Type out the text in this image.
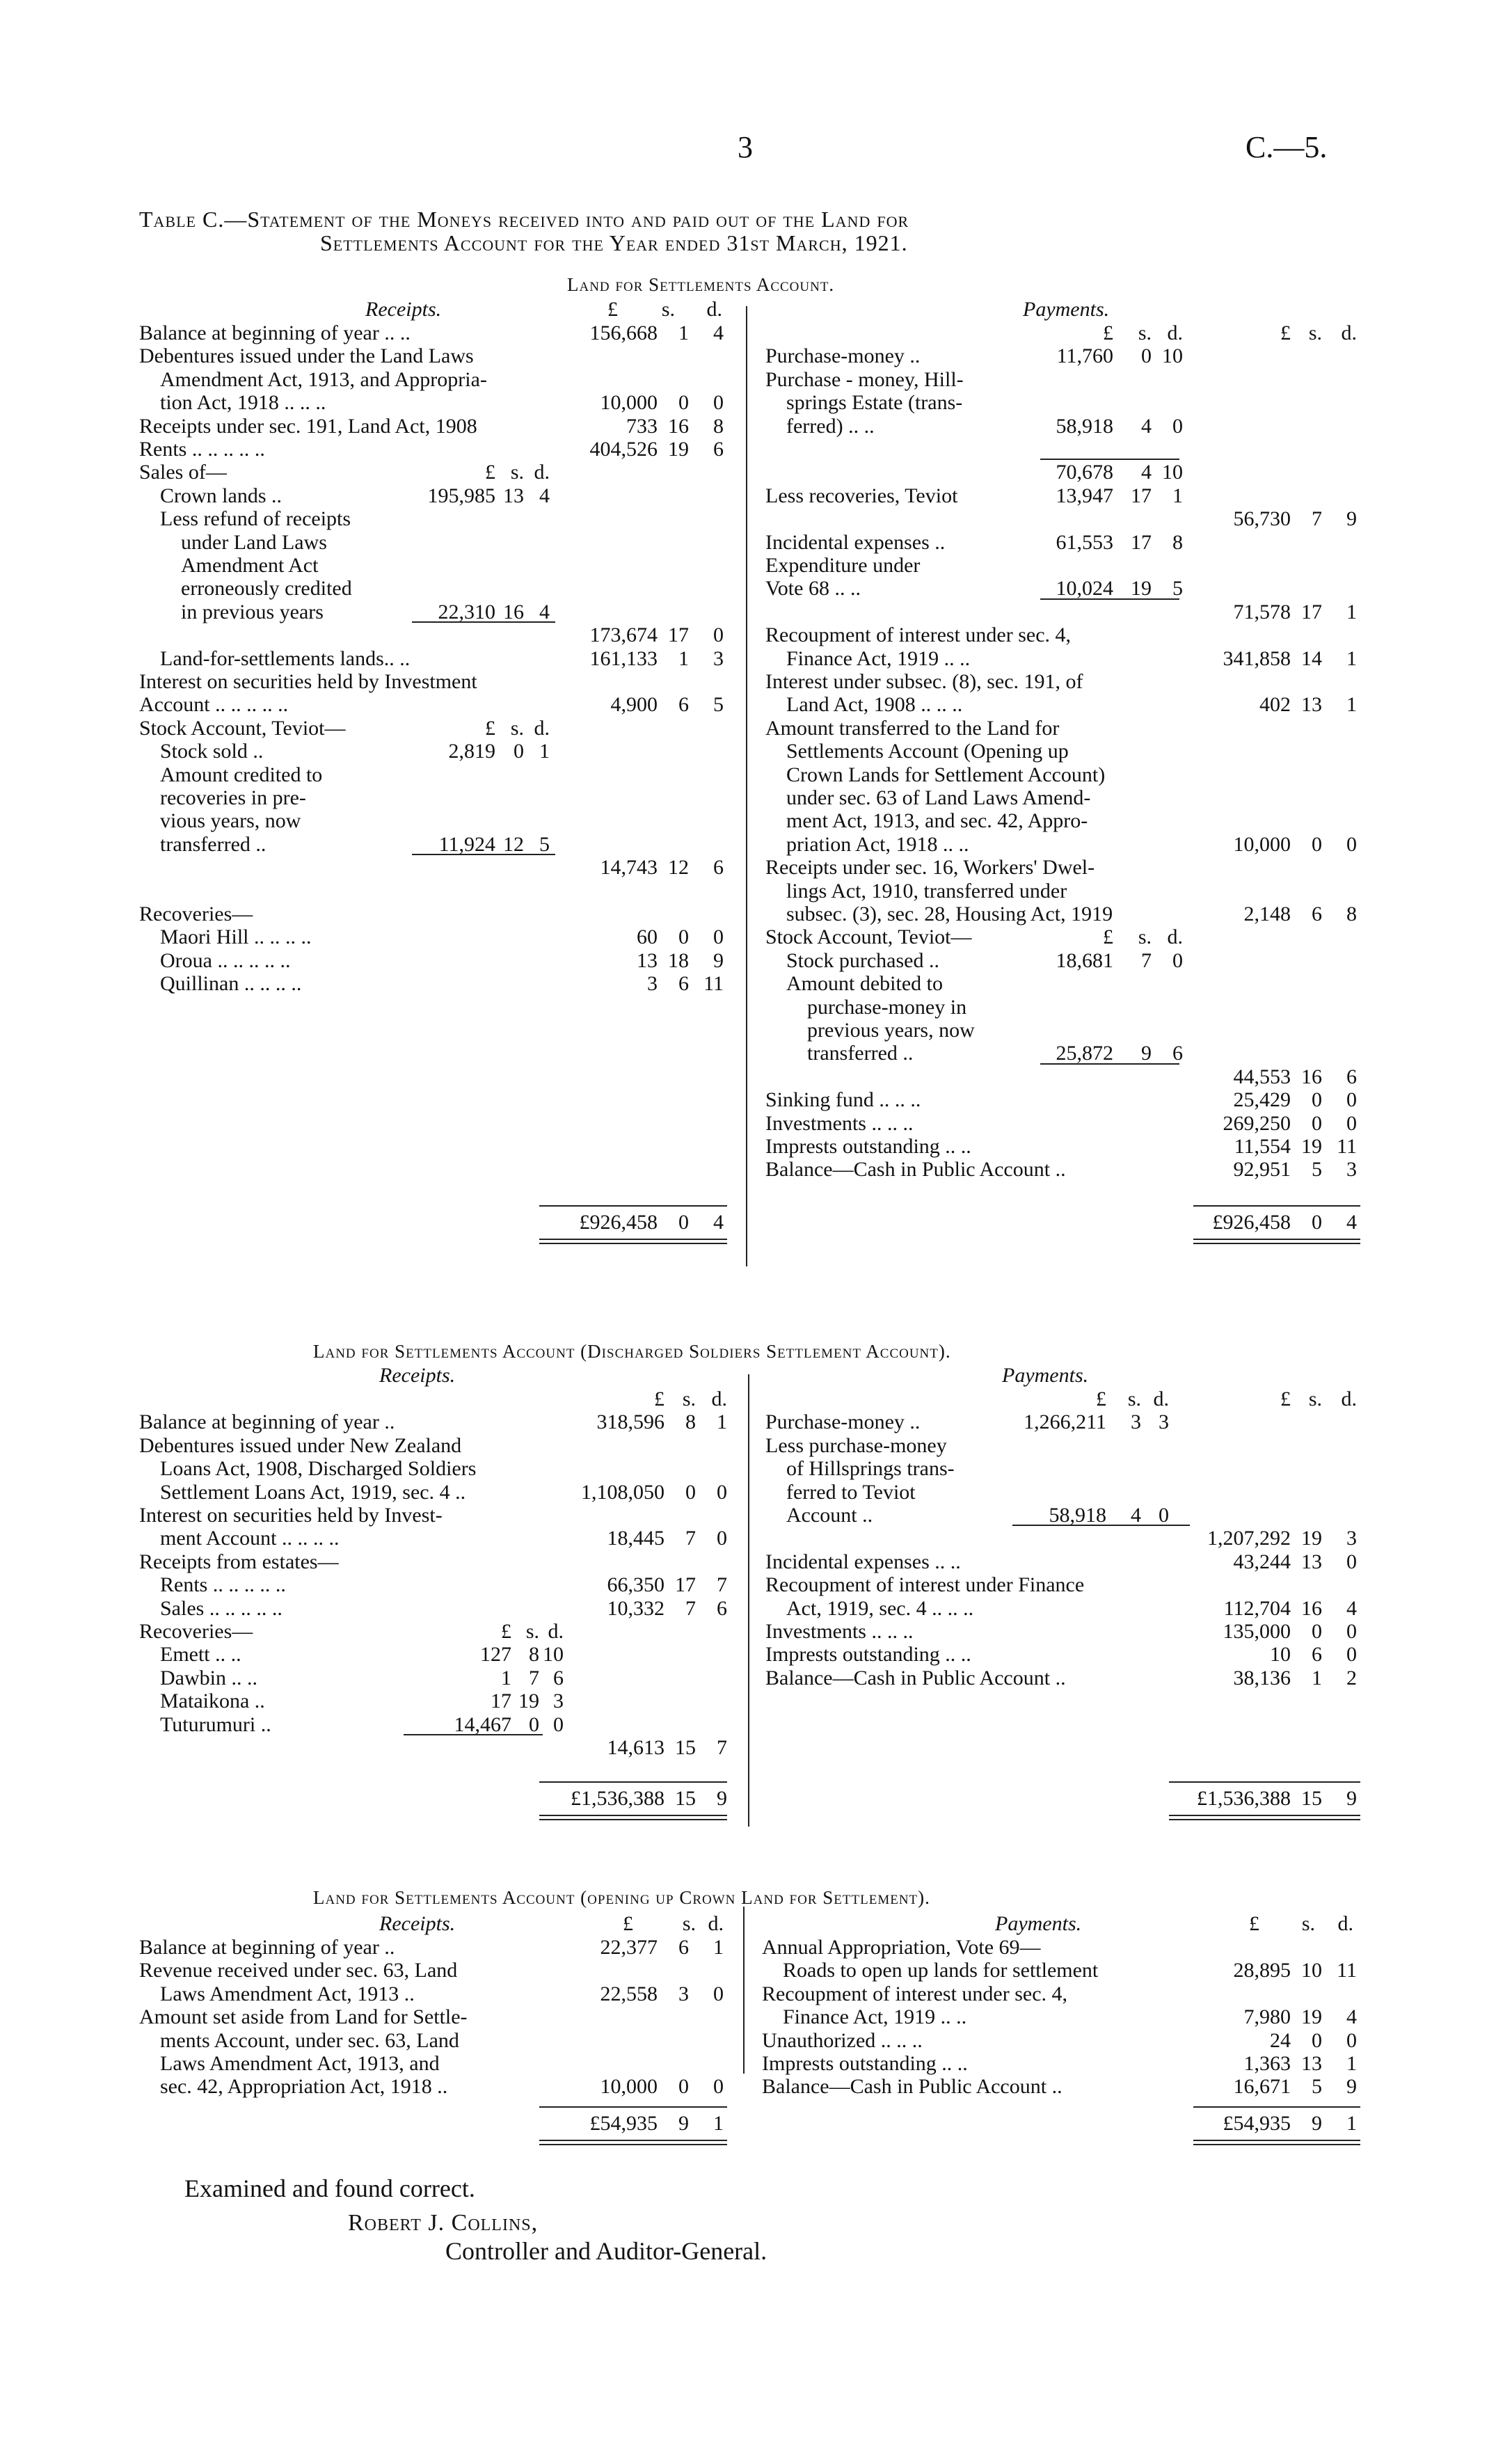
3	C.—5.
Table C.—Statement of the Moneys received into and paid out of the Land for
Settlements Account for the Year ended 31st March, 1921.
Land for Settlements Account.
Receipts.	Payments.
£	s.	d.
Balance at beginning of year .. ..	156,668	1	4
Debentures issued under the Land Laws
Amendment Act, 1913, and Appropria-
tion Act, 1918 .. .. ..	10,000	0	0
Receipts under sec. 191, Land Act, 1908	733 16	8
Rents .. .. .. .. ..	404,526 19	6
Sales of—	£ s. d.
Crown lands ..	195,985 13 4
Less refund of receipts
under Land Laws
Amendment Act
erroneously credited
in previous years	22,310 16 4
173,674 17	0
Land-for-settlements lands.. ..	161,133	1	3
Interest on securities held by Investment
Account .. .. .. .. ..	4,900	6	5
Stock Account, Teviot—	£ s. d.
Stock sold ..	2,819 0 1
Amount credited to
recoveries in pre-
vious years, now
transferred ..	11,924 12 5
14,743 12	6
Recoveries—
Maori Hill .. .. .. ..	60	0	0
Oroua .. .. .. .. ..	13 18	9
Quillinan .. .. .. ..	3	6 11
£	s. d.	£ s. d.
Purchase-money ..	11,760	0 10
Purchase - money, Hill-
springs Estate (trans-
ferred) .. ..	58,918	4	0
70,678	4 10
Less recoveries, Teviot	13,947 17	1
56,730	7	9
Incidental expenses ..	61,553 17	8
Expenditure under
Vote 68 .. ..	10,024 19	5
71,578 17	1
Recoupment of interest under sec. 4,
Finance Act, 1919 .. ..	341,858 14	1
Interest under subsec. (8), sec. 191, of
Land Act, 1908 .. .. ..	402 13	1
Amount transferred to the Land for
Settlements Account (Opening up
Crown Lands for Settlement Account)
under sec. 63 of Land Laws Amend-
ment Act, 1913, and sec. 42, Appro-
priation Act, 1918 .. ..	10,000	0	0
Receipts under sec. 16, Workers' Dwel-
lings Act, 1910, transferred under
subsec. (3), sec. 28, Housing Act, 1919	2,148	6	8
Stock Account, Teviot—	£	s. d.
Stock purchased ..	18,681	7	0
Amount debited to
purchase-money in
previous years, now
transferred ..	25,872	9	6
44,553 16	6
Sinking fund .. .. ..	25,429	0	0
Investments .. .. ..	269,250	0	0
Imprests outstanding .. ..	11,554 19 11
Balance—Cash in Public Account ..	92,951	5	3
£926,458	0	4	£926,458	0	4
Land for Settlements Account (Discharged Soldiers Settlement Account).
Receipts.	Payments.
£ s. d.
Balance at beginning of year ..	318,596	8	1
Debentures issued under New Zealand
Loans Act, 1908, Discharged Soldiers
Settlement Loans Act, 1919, sec. 4 ..	1,108,050	0	0
Interest on securities held by Invest-
ment Account .. .. .. ..	18,445	7	0
Receipts from estates—
Rents .. .. .. .. ..	66,350 17	7
Sales .. .. .. .. ..	10,332	7	6
Recoveries—	£ s. d.
Emett .. ..	127 8 10
Dawbin .. ..	1 7 6
Mataikona ..	17 19 3
Tuturumuri ..	14,467 0 0
14,613 15	7
£	s. d.	£ s. d.
Purchase-money ..	1,266,211	3 3
Less purchase-money
of Hillsprings trans-
ferred to Teviot
Account ..	58,918	4 0
1,207,292 19	3
Incidental expenses .. ..	43,244 13	0
Recoupment of interest under Finance
Act, 1919, sec. 4 .. .. ..	112,704 16	4
Investments .. .. ..	135,000	0	0
Imprests outstanding .. ..	10	6	0
Balance—Cash in Public Account ..	38,136	1	2
£1,536,388 15	9	£1,536,388 15	9
Land for Settlements Account (opening up Crown Land for Settlement).
Receipts.	Payments.
£	s. d.	£	s.	d.
Balance at beginning of year ..	22,377	6	1
Revenue received under sec. 63, Land
Laws Amendment Act, 1913 ..	22,558	3	0
Amount set aside from Land for Settle-
ments Account, under sec. 63, Land
Laws Amendment Act, 1913, and
sec. 42, Appropriation Act, 1918 ..	10,000	0	0
Annual Appropriation, Vote 69—
Roads to open up lands for settlement	28,895 10 11
Recoupment of interest under sec. 4,
Finance Act, 1919 .. ..	7,980 19	4
Unauthorized .. .. ..	24	0	0
Imprests outstanding .. ..	1,363 13	1
Balance—Cash in Public Account ..	16,671	5	9
£54,935	9	1	£54,935	9	1
Examined and found correct.
Robert J. Collins,
Controller and Auditor-General.
